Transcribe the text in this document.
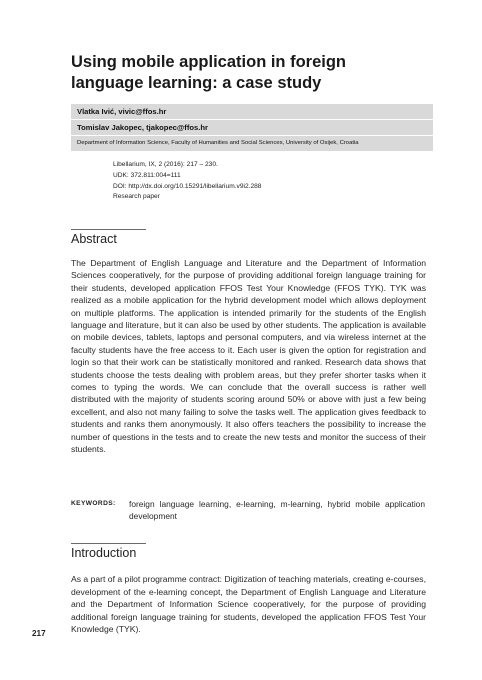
Using mobile application in foreign
language learning: a case study
Vlatka Ivić, vivic@ffos.hr
Tomislav Jakopec, tjakopec@ffos.hr
Department of Information Science, Faculty of Humanities and Social Sciences, University of Osijek, Croatia
Libellarium, IX, 2 (2016): 217 – 230.
UDK: 372.811:004=111
DOI: http://dx.doi.org/10.15291/libellarium.v9i2.288
Research paper
Abstract

The Department of English Language and Literature and the Department of Information Sciences cooperatively, for the purpose of providing additional foreign language training for their students, developed application FFOS Test Your Knowledge (FFOS TYK). TYK was realized as a mobile application for the hybrid development model which allows deployment on multiple platforms. The application is intended primarily for the students of the English language and literature, but it can also be used by other students. The application is available on mobile devices, tablets, laptops and personal computers, and via wireless internet at the faculty students have the free access to it. Each user is given the option for registration and login so that their work can be statistically monitored and ranked. Research data shows that students choose the tests dealing with problem areas, but they prefer shorter tasks when it comes to typing the words. We can conclude that the overall success is rather well distributed with the majority of students scoring around 50% or above with just a few being excellent, and also not many failing to solve the tasks well. The application gives feedback to students and ranks them anonymously. It also offers teachers the possibility to increase the number of questions in the tests and to create the new tests and monitor the success of their students.

KEYWORDS: foreign language learning, e-learning, m-learning, hybrid mobile application development

Introduction

As a part of a pilot programme contract: Digitization of teaching materials, creating e-courses, development of the e-learning concept, the Department of English Language and Literature and the Department of Information Science cooperatively, for the purpose of providing additional foreign language training for students, developed the application FFOS Test Your Knowledge (TYK).

217
